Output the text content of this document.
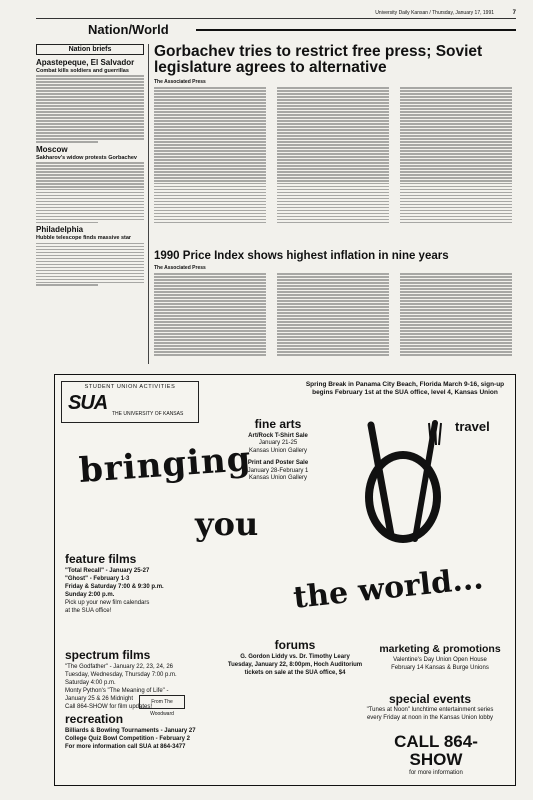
University Daily Kansan / Thursday, January 17, 1991	7
Nation/World
Nation briefs
Apastepeque, El Salvador
Combat kills soldiers and guerrillas
Moscow
Sakharov's widow protests Gorbachev
Philadelphia
Hubble telescope finds massive star
Gorbachev tries to restrict free press; Soviet legislature agrees to alternative
The Associated Press
1990 Price Index shows highest inflation in nine years
The Associated Press
STUDENT UNION ACTIVITIES
SUA THE UNIVERSITY OF KANSAS
Spring Break in Panama City Beach, Florida March 9-16, sign-up begins February 1st at the SUA office, level 4, Kansas Union
fine arts
Art/Rock T-Shirt Sale
January 21-25
Kansas Union Gallery
Print and Poster Sale
January 28-February 1
Kansas Union Gallery
travel
bringing
you
the world...
feature films
"Total Recall" - January 25-27
"Ghost" - February 1-3
Friday & Saturday 7:00 & 9:30 p.m.
Sunday 2:00 p.m.
Pick up your new film calendars
at the SUA office!
spectrum films
"The Godfather" - January 22, 23, 24, 26
Tuesday, Wednesday, Thursday 7:00 p.m.
Saturday 4:00 p.m.
Monty Python's "The Meaning of Life" -
January 25 & 26 Midnight
Call 864-SHOW for film updates!
From The Woodward
forums
G. Gordon Liddy vs. Dr. Timothy Leary
Tuesday, January 22, 8:00pm, Hoch Auditorium
tickets on sale at the SUA office, $4
marketing & promotions
Valentine's Day Union Open House
February 14 Kansas & Burge Unions
special events
"Tunes at Noon" lunchtime entertainment series
every Friday at noon in the Kansas Union lobby
recreation
Billiards & Bowling Tournaments - January 27
College Quiz Bowl Competition - February 2
For more information call SUA at 864-3477	CALL 864-SHOW
for more information
